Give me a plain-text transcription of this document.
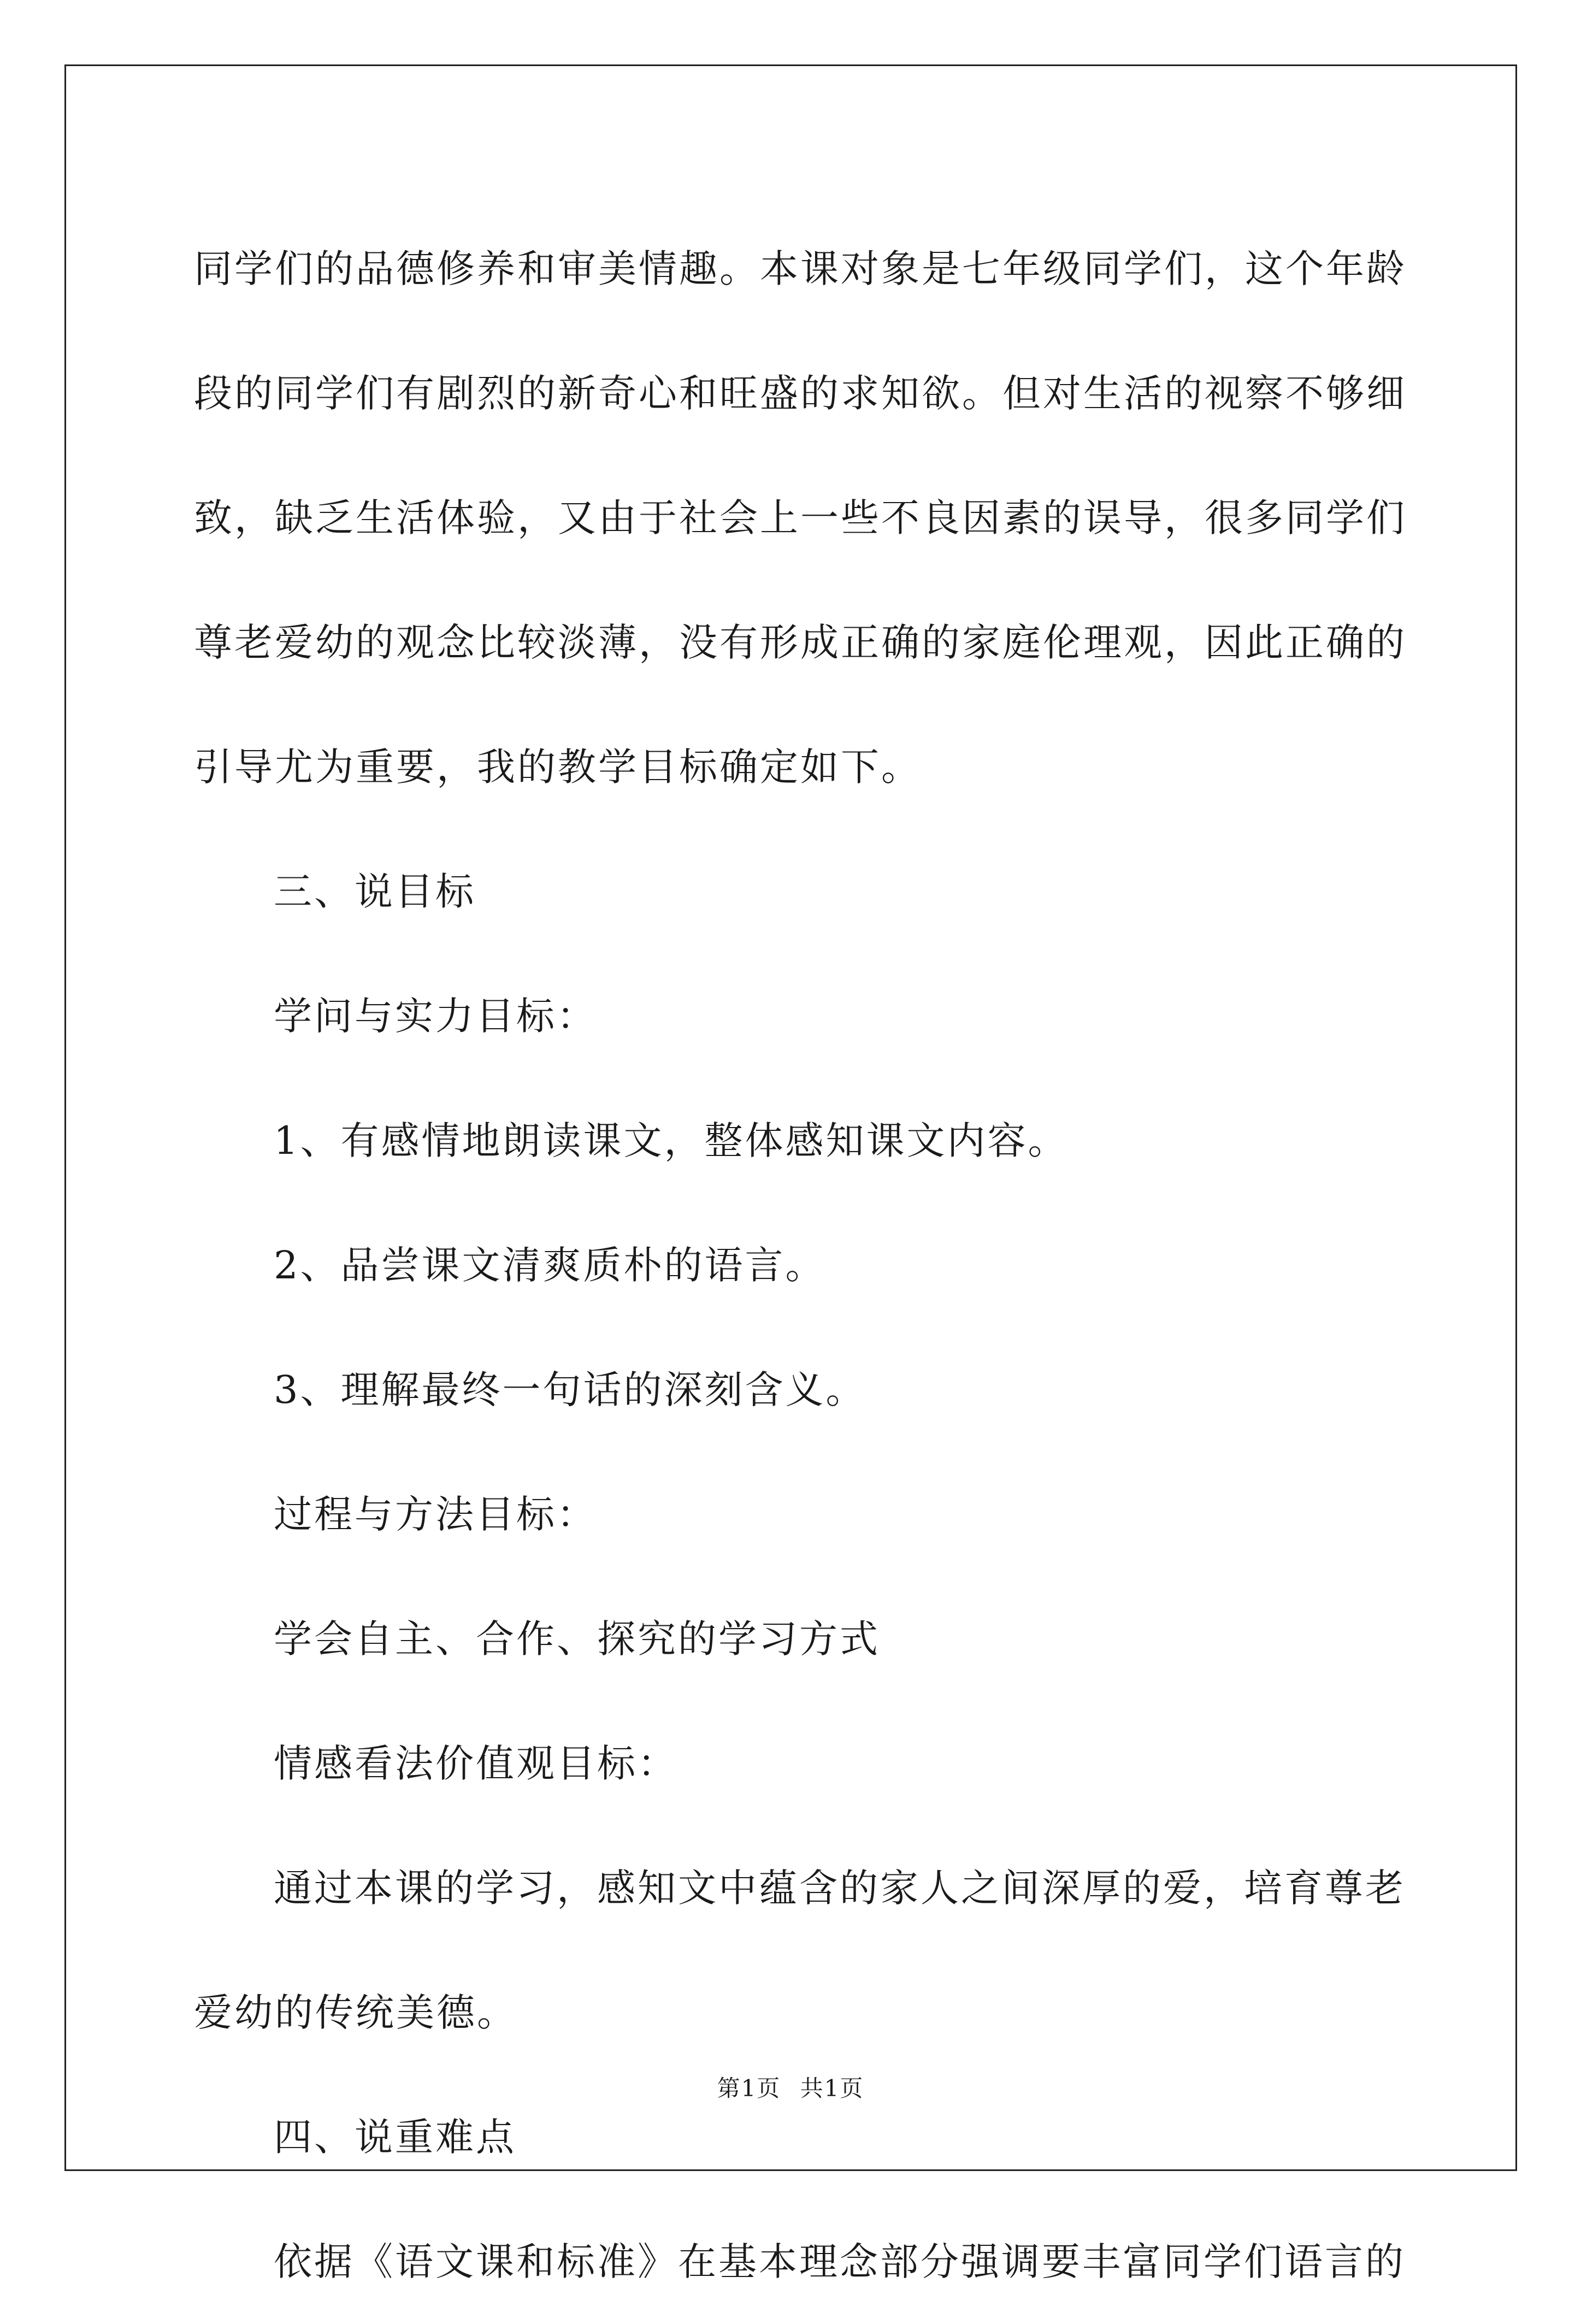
同学们的品德修养和审美情趣。本课对象是七年级同学们，这个年龄
段的同学们有剧烈的新奇心和旺盛的求知欲。但对生活的视察不够细
致，缺乏生活体验，又由于社会上一些不良因素的误导，很多同学们
尊老爱幼的观念比较淡薄，没有形成正确的家庭伦理观，因此正确的
引导尤为重要，我的教学目标确定如下。
三、说目标
学问与实力目标：
1、有感情地朗读课文，整体感知课文内容。
2、品尝课文清爽质朴的语言。
3、理解最终一句话的深刻含义。
过程与方法目标：
学会自主、合作、探究的学习方式
情感看法价值观目标：
通过本课的学习，感知文中蕴含的家人之间深厚的爱，培育尊老
爱幼的传统美德。
四、说重难点
依据《语文课和标准》在基本理念部分强调要丰富同学们语言的
第1页 共1页
